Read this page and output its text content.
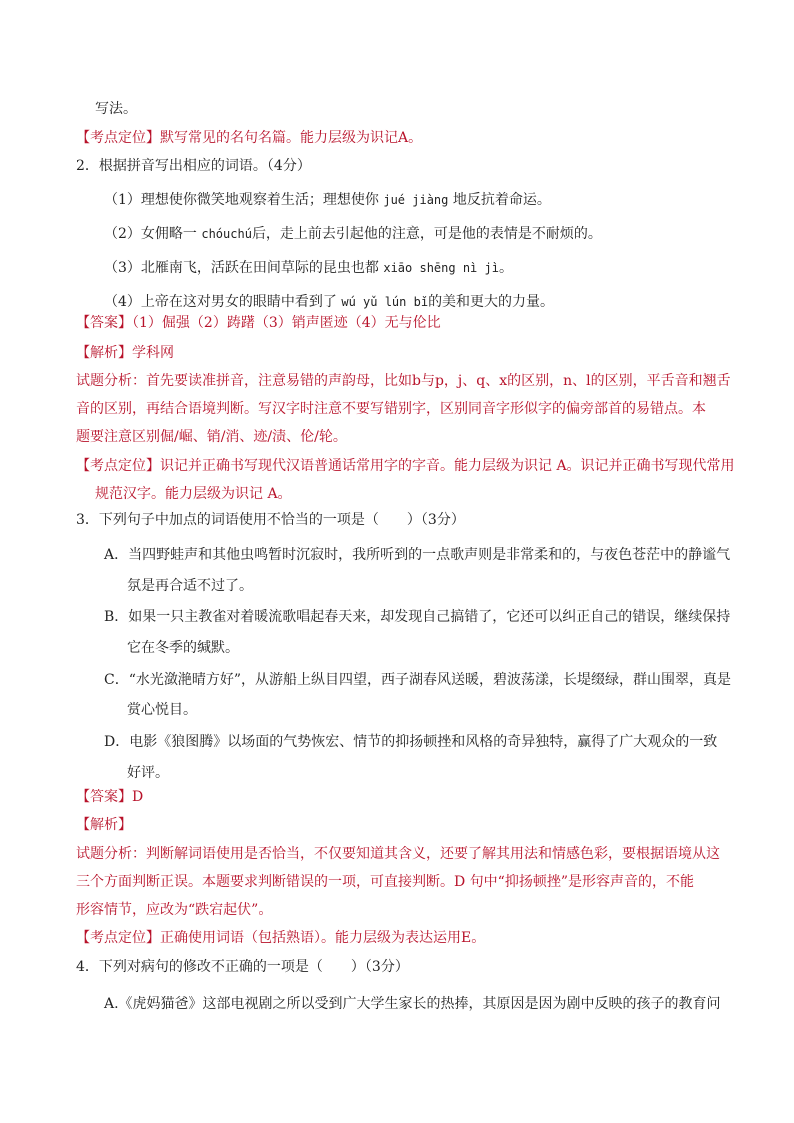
写法。
【考点定位】默写常见的名句名篇。能力层级为识记A。
2．根据拼音写出相应的词语。（4分）
（1）理想使你微笑地观察着生活；理想使你 jué jiàng 地反抗着命运。
（2）女佣略一 chóuchú后，走上前去引起他的注意，可是他的表情是不耐烦的。
（3）北雁南飞，活跃在田间草际的昆虫也都 xiāo shēng nì jì。
（4）上帝在这对男女的眼睛中看到了 wú yǔ lún bǐ的美和更大的力量。
【答案】（1）倔强（2）踌躇（3）销声匿迹（4）无与伦比
【解析】学科网
试题分析：首先要读准拼音，注意易错的声韵母，比如b与p，j、q、x的区别，n、l的区别，平舌音和翘舌
音的区别，再结合语境判断。写汉字时注意不要写错别字，区别同音字形似字的偏旁部首的易错点。本
题要注意区别倔/崛、销/消、迹/渍、伦/轮。
【考点定位】识记并正确书写现代汉语普通话常用字的字音。能力层级为识记 A。识记并正确书写现代常用
规范汉字。能力层级为识记 A。
3．下列句子中加点的词语使用不恰当的一项是（　　）（3分）
A．当四野蛙声和其他虫鸣暂时沉寂时，我所听到的一点歌声则是非常柔和的，与夜色苍茫中的静谧气
氛是再合适不过了。
B．如果一只主教雀对着暖流歌唱起春天来，却发现自己搞错了，它还可以纠正自己的错误，继续保持
它在冬季的缄默。
C．“水光潋滟晴方好”，从游船上纵目四望，西子湖春风送暖，碧波荡漾，长堤缀绿，群山围翠，真是
赏心悦目。
D．电影《狼图腾》以场面的气势恢宏、情节的抑扬顿挫和风格的奇异独特，赢得了广大观众的一致
好评。
【答案】D
【解析】
试题分析：判断解词语使用是否恰当，不仅要知道其含义，还要了解其用法和情感色彩，要根据语境从这
三个方面判断正误。本题要求判断错误的一项，可直接判断。D 句中“抑扬顿挫”是形容声音的，不能
形容情节，应改为“跌宕起伏”。
【考点定位】正确使用词语（包括熟语）。能力层级为表达运用E。
4．下列对病句的修改不正确的一项是（　　）（3分）
A.《虎妈猫爸》这部电视剧之所以受到广大学生家长的热捧，其原因是因为剧中反映的孩子的教育问
